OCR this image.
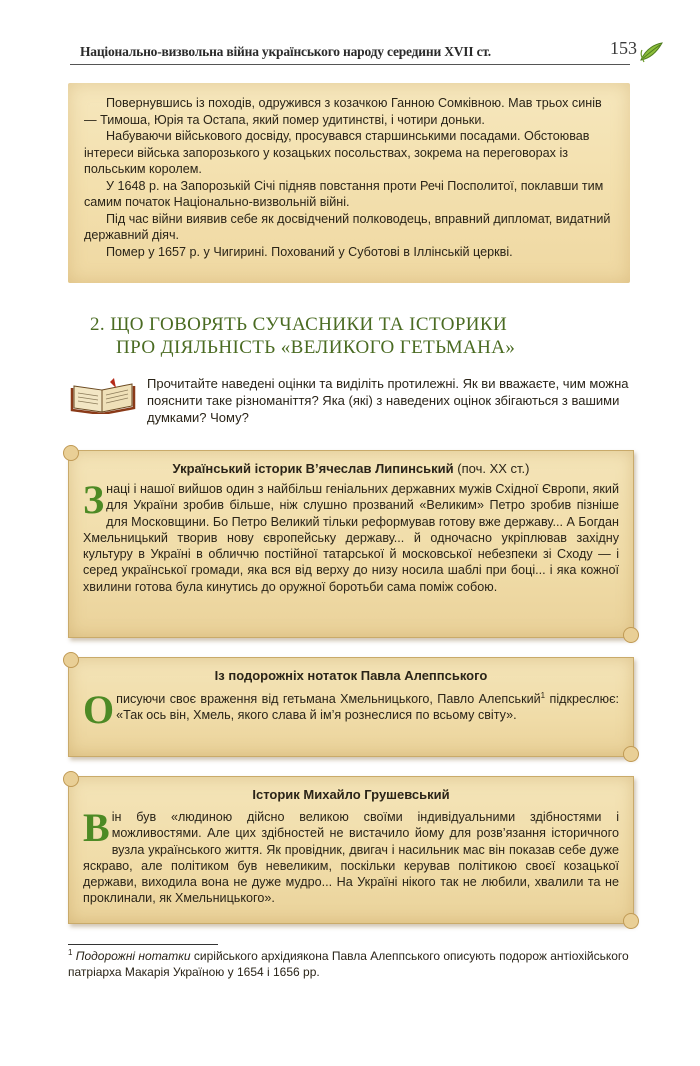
Національно-визвольна війна українського народу середини XVII ст.	153

Повернувшись із походів, одружився з козачкою Ганною Сомківною. Мав трьох синів — Тимоша, Юрія та Остапа, який помер удитинстві, і чотири доньки.

Набуваючи військового досвіду, просувався старшинськими посадами. Обстоював інтереси війська запорозького у козацьких посольствах, зокрема на переговорах із польським королем.

У 1648 р. на Запорозькій Січі підняв повстання проти Речі Посполитої, поклавши тим самим початок Національно-визвольній війні.

Під час війни виявив себе як досвідчений полководець, вправний дипломат, видатний державний діяч.

Помер у 1657 р. у Чигирині. Похований у Суботові в Іллінській церкві.

2. ЩО ГОВОРЯТЬ СУЧАСНИКИ ТА ІСТОРИКИ
ПРО ДІЯЛЬНІСТЬ «ВЕЛИКОГО ГЕТЬМАНА»
Прочитайте наведені оцінки та виділіть протилежні. Як ви вважаєте, чим можна пояснити таке різноманіття? Яка (які) з наведених оцінок збігаються з вашими думками? Чому?
Український історик В’ячеслав Липинський (поч. XX ст.)
З наці і нашої вийшов один з найбільш геніальних державних мужів Східної Європи, який для України зробив більше, ніж слушно прозваний «Великим» Петро зробив пізніше для Московщини. Бо Петро Великий тільки реформував готову вже державу... А Богдан Хмельницький творив нову європейську державу... й одночасно укріплював західну культуру в Україні в обличчю постійної татарської й московської небезпеки зі Сходу — і серед української громади, яка вся від верху до низу носила шаблі при боці... і яка кожної хвилини готова була кинутись до оружної боротьби сама поміж собою.
Із подорожніх нотаток Павла Алеппського
О писуючи своє враження від гетьмана Хмельницького, Павло Алепський$^1$ підкреслює: «Так ось він, Хмель, якого слава й ім’я рознеслися по всьому світу».
Історик Михайло Грушевський
В ін був «людиною дійсно великою своїми індивідуальними здібностями і можливостями. Але цих здібностей не вистачило йому для розв’язання історичного вузла українського життя. Як провідник, двигач і насильник мас він показав себе дуже яскраво, але політиком був невеликим, поскільки керував політикою своєї козацької держави, виходила вона не дуже мудро... На Україні нікого так не любили, хвалили та не проклинали, як Хмельницького».
$^1$ Подорожні нотатки сирійського архідиякона Павла Алеппського описують подорож антіохійського патріарха Макарія Україною у 1654 і 1656 рр.
